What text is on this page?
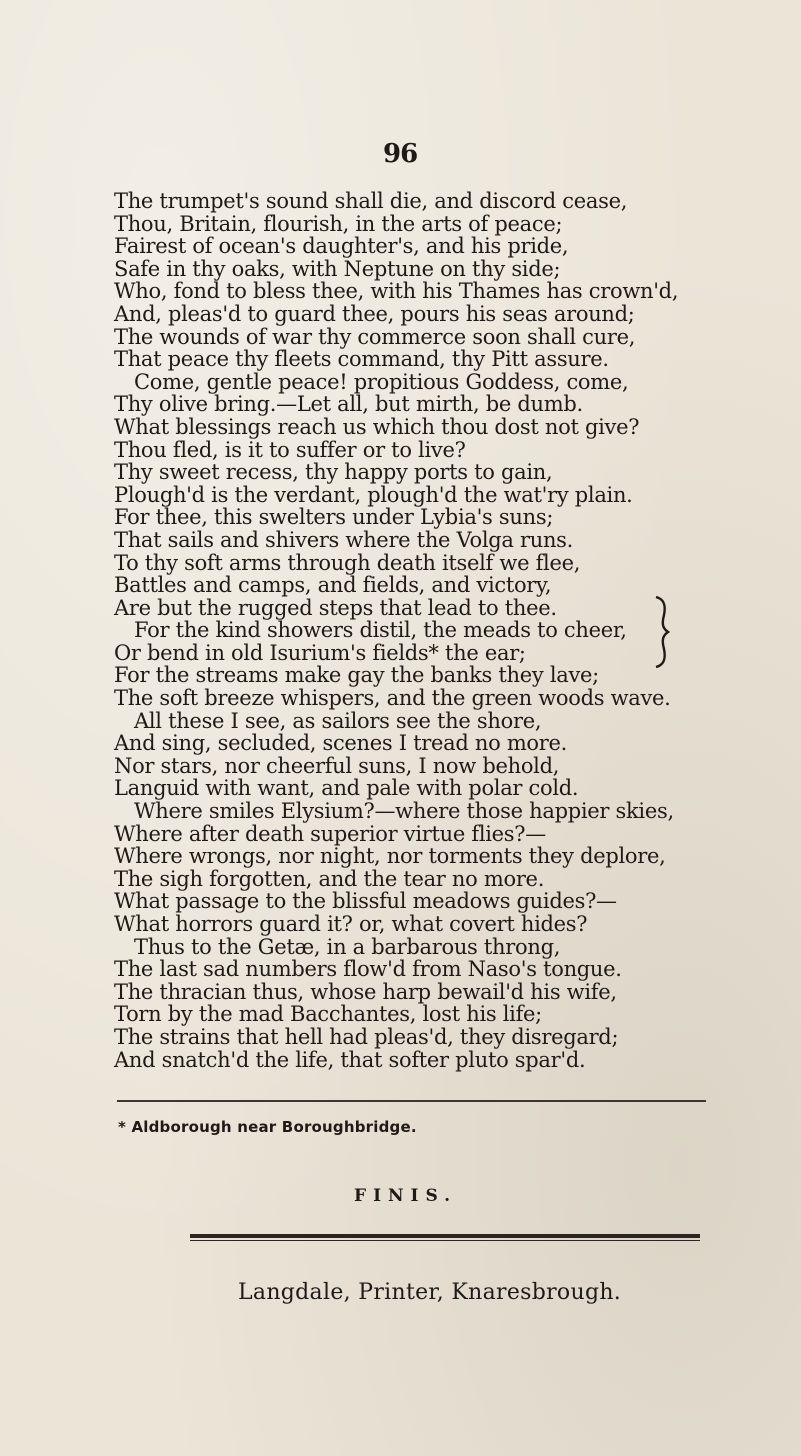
96
The trumpet's sound shall die, and discord cease,
Thou, Britain, flourish, in the arts of peace;
Fairest of ocean's daughter's, and his pride,
Safe in thy oaks, with Neptune on thy side;
Who, fond to bless thee, with his Thames has crown'd,
And, pleas'd to guard thee, pours his seas around;
The wounds of war thy commerce soon shall cure,
That peace thy fleets command, thy Pitt assure.
Come, gentle peace! propitious Goddess, come,
Thy olive bring.—Let all, but mirth, be dumb.
What blessings reach us which thou dost not give?
Thou fled, is it to suffer or to live?
Thy sweet recess, thy happy ports to gain,
Plough'd is the verdant, plough'd the wat'ry plain.
For thee, this swelters under Lybia's suns;
That sails and shivers where the Volga runs.
To thy soft arms through death itself we flee,
Battles and camps, and fields, and victory,
Are but the rugged steps that lead to thee.
For the kind showers distil, the meads to cheer,
Or bend in old Isurium's fields* the ear;
For the streams make gay the banks they lave;
The soft breeze whispers, and the green woods wave.
All these I see, as sailors see the shore,
And sing, secluded, scenes I tread no more.
Nor stars, nor cheerful suns, I now behold,
Languid with want, and pale with polar cold.
Where smiles Elysium?—where those happier skies,
Where after death superior virtue flies?—
Where wrongs, nor night, nor torments they deplore,
The sigh forgotten, and the tear no more.
What passage to the blissful meadows guides?—
What horrors guard it? or, what covert hides?
Thus to the Getæ, in a barbarous throng,
The last sad numbers flow'd from Naso's tongue.
The thracian thus, whose harp bewail'd his wife,
Torn by the mad Bacchantes, lost his life;
The strains that hell had pleas'd, they disregard;
And snatch'd the life, that softer pluto spar'd.
* Aldborough near Boroughbridge.
FINIS.
Langdale, Printer, Knaresbrough.
